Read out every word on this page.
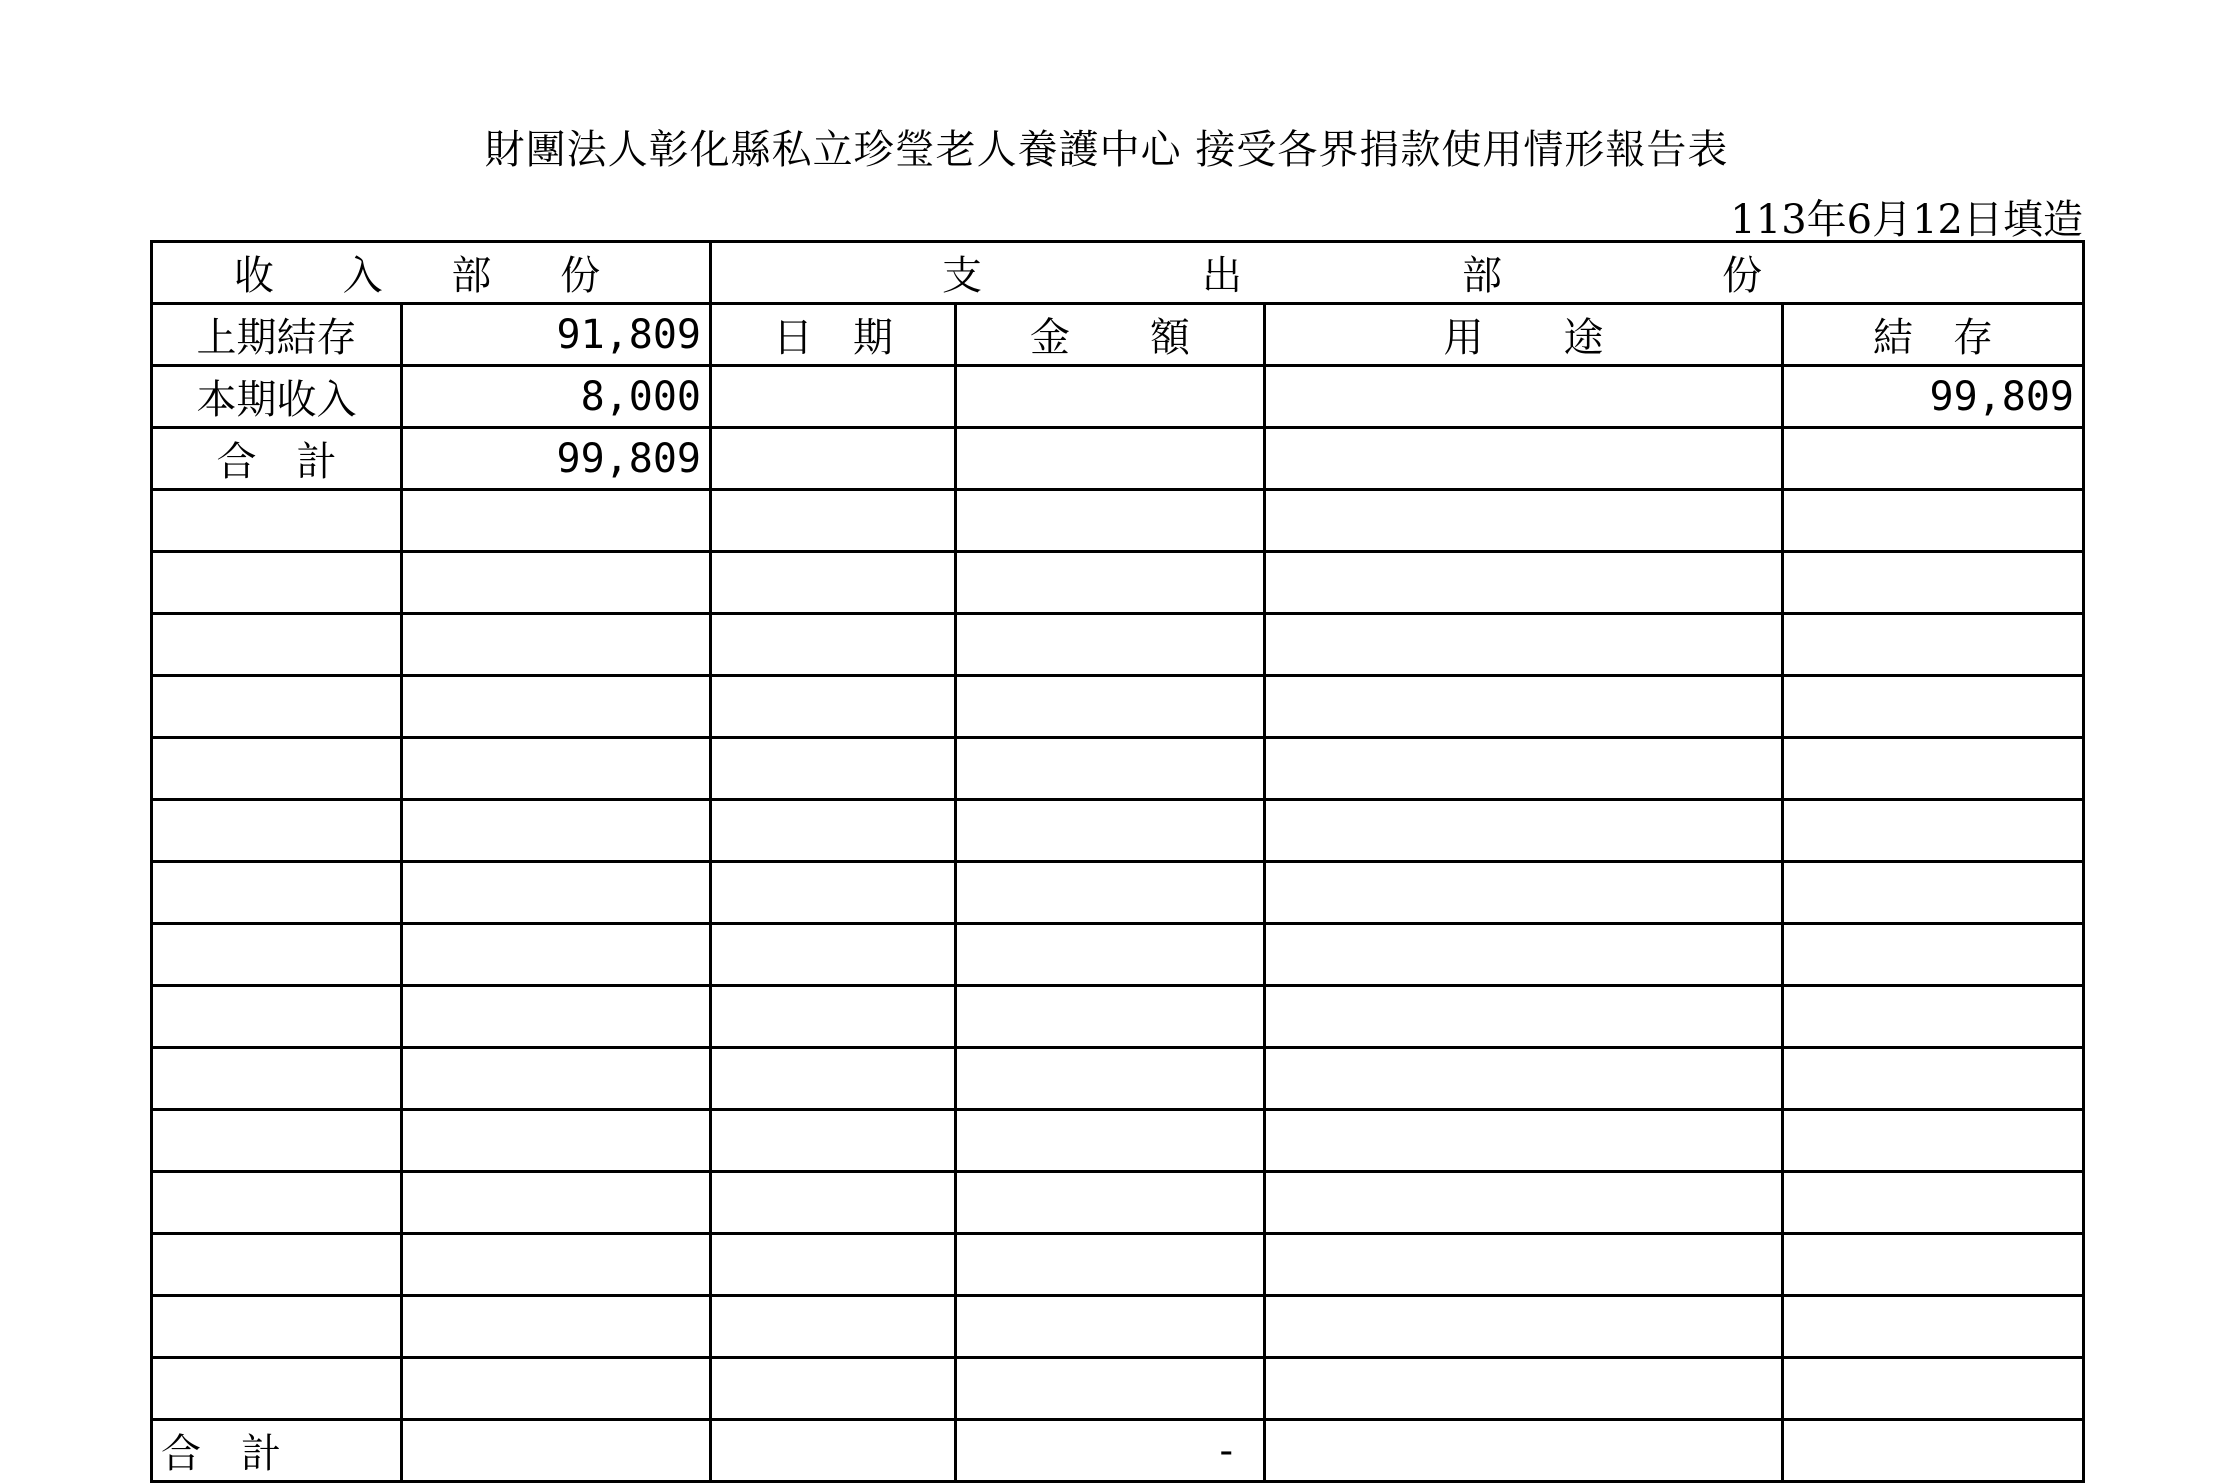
財團法人彰化縣私立珍瑩老人養護中心 接受各界捐款使用情形報告表
113年6月12日填造
收 入 部 份		支　出　部　份			
上期結存	91,809	日　期	金　　額	用　　途	結　存
本期收入	8,000				99,809
合　計	99,809				

合　計			-		
